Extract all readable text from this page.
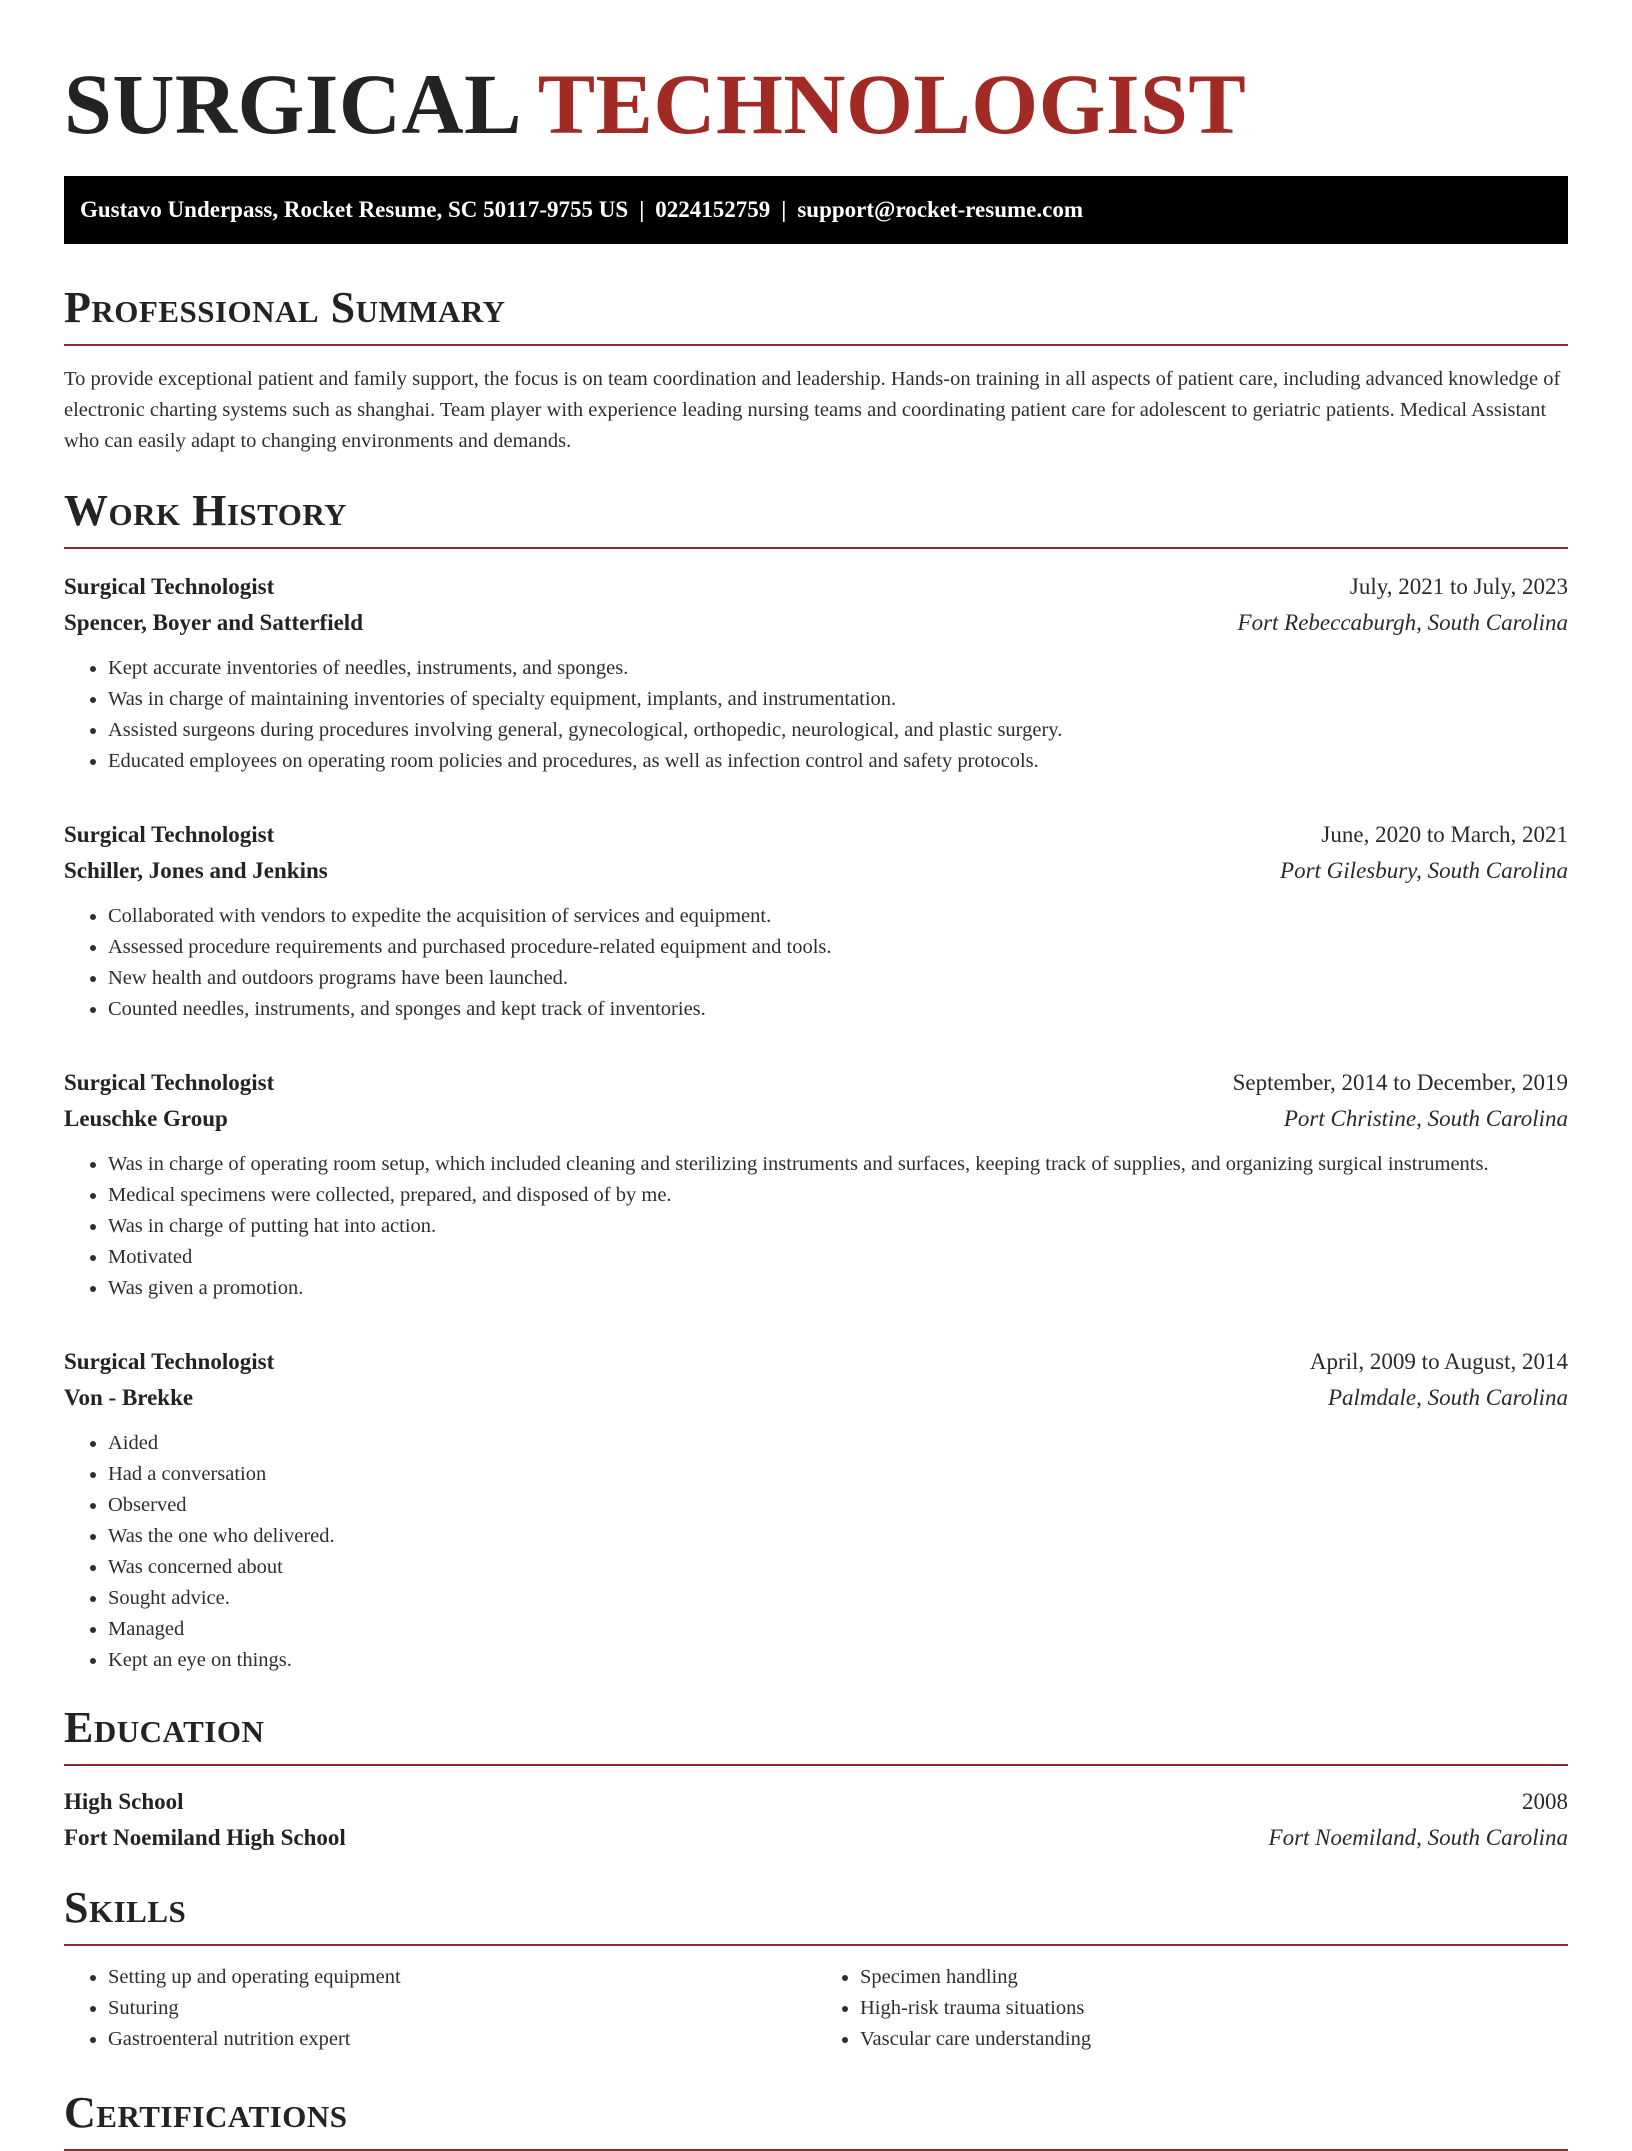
SURGICAL TECHNOLOGIST
Gustavo Underpass, Rocket Resume, SC 50117-9755 US | 0224152759 | support@rocket-resume.com
Professional Summary

To provide exceptional patient and family support, the focus is on team coordination and leadership. Hands-on training in all aspects of patient care, including advanced knowledge of electronic charting systems such as shanghai. Team player with experience leading nursing teams and coordinating patient care for adolescent to geriatric patients. Medical Assistant who can easily adapt to changing environments and demands.

Work History
Surgical Technologist	July, 2021 to July, 2023
Spencer, Boyer and Satterfield	Fort Rebeccaburgh, South Carolina
• Kept accurate inventories of needles, instruments, and sponges.
• Was in charge of maintaining inventories of specialty equipment, implants, and instrumentation.
• Assisted surgeons during procedures involving general, gynecological, orthopedic, neurological, and plastic surgery.
• Educated employees on operating room policies and procedures, as well as infection control and safety protocols.
Surgical Technologist	June, 2020 to March, 2021
Schiller, Jones and Jenkins	Port Gilesbury, South Carolina
• Collaborated with vendors to expedite the acquisition of services and equipment.
• Assessed procedure requirements and purchased procedure-related equipment and tools.
• New health and outdoors programs have been launched.
• Counted needles, instruments, and sponges and kept track of inventories.
Surgical Technologist	September, 2014 to December, 2019
Leuschke Group	Port Christine, South Carolina
• Was in charge of operating room setup, which included cleaning and sterilizing instruments and surfaces, keeping track of supplies, and organizing surgical instruments.
• Medical specimens were collected, prepared, and disposed of by me.
• Was in charge of putting hat into action.
• Motivated
• Was given a promotion.
Surgical Technologist	April, 2009 to August, 2014
Von - Brekke	Palmdale, South Carolina
• Aided
• Had a conversation
• Observed
• Was the one who delivered.
• Was concerned about
• Sought advice.
• Managed
• Kept an eye on things.
Education
High School	2008
Fort Noemiland High School	Fort Noemiland, South Carolina
Skills
• Setting up and operating equipment
• Suturing
• Gastroenteral nutrition expert
• Specimen handling
• High-risk trauma situations
• Vascular care understanding
Certifications
